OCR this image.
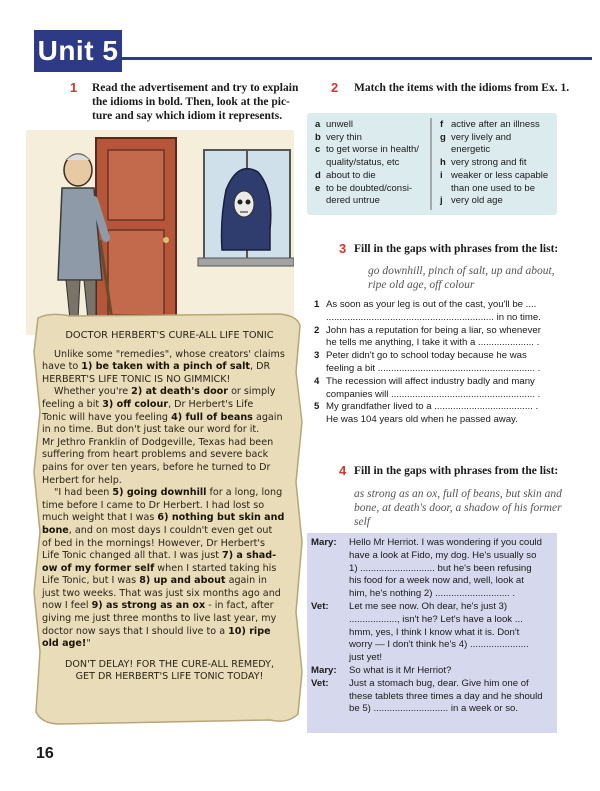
Unit 5
1 Read the advertisement and try to explain
the idioms in bold. Then, look at the pic-
ture and say which idiom it represents.
DOCTOR HERBERT'S CURE-ALL LIFE TONIC
Unlike some "remedies", whose creators' claims
have to 1) be taken with a pinch of salt, DR
HERBERT'S LIFE TONIC IS NO GIMMICK!
Whether you're 2) at death's door or simply
feeling a bit 3) off colour, Dr Herbert's Life
Tonic will have you feeling 4) full of beans again
in no time. But don't just take our word for it.
Mr Jethro Franklin of Dodgeville, Texas had been
suffering from heart problems and severe back
pains for over ten years, before he turned to Dr
Herbert for help.
"I had been 5) going downhill for a long, long
time before I came to Dr Herbert. I had lost so
much weight that I was 6) nothing but skin and
bone, and on most days I couldn't even get out
of bed in the mornings! However, Dr Herbert's
Life Tonic changed all that. I was just 7) a shad-
ow of my former self when I started taking his
Life Tonic, but I was 8) up and about again in
just two weeks. That was just six months ago and
now I feel 9) as strong as an ox - in fact, after
giving me just three months to live last year, my
doctor now says that I should live to a 10) ripe
old age!"
DON'T DELAY! FOR THE CURE-ALL REMEDY,
GET DR HERBERT'S LIFE TONIC TODAY!
2 Match the items with the idioms from Ex. 1.
a unwell
b very thin
c to get worse in health/
quality/status, etc
d about to die
e to be doubted/consi-
dered untrue
f active after an illness
g very lively and
energetic
h very strong and fit
i weaker or less capable
than one used to be
j very old age
3 Fill in the gaps with phrases from the list:
go downhill, pinch of salt, up and about,
ripe old age, off colour
1 As soon as your leg is out of the cast, you'll be ....
............................................................... in no time.
2 John has a reputation for being a liar, so whenever
he tells me anything, I take it with a ..................... .
3 Peter didn't go to school today because he was
feeling a bit ........................................................... .
4 The recession will affect industry badly and many
companies will ...................................................... .
5 My grandfather lived to a ..................................... .
He was 104 years old when he passed away.
4 Fill in the gaps with phrases from the list:
as strong as an ox, full of beans, but skin and
bone, at death's door, a shadow of his former
self
Mary: Hello Mr Herriot. I was wondering if you could
have a look at Fido, my dog. He's usually so
1) ............................ but he's been refusing
his food for a week now and, well, look at
him, he's nothing 2) ............................ .
Vet: Let me see now. Oh dear, he's just 3)
.................., isn't he? Let's have a look ...
hmm, yes, I think I know what it is. Don't
worry — I don't think he's 4) ......................
just yet!
Mary: So what is it Mr Herriot?
Vet: Just a stomach bug, dear. Give him one of
these tablets three times a day and he should
be 5) ............................ in a week or so.
16
